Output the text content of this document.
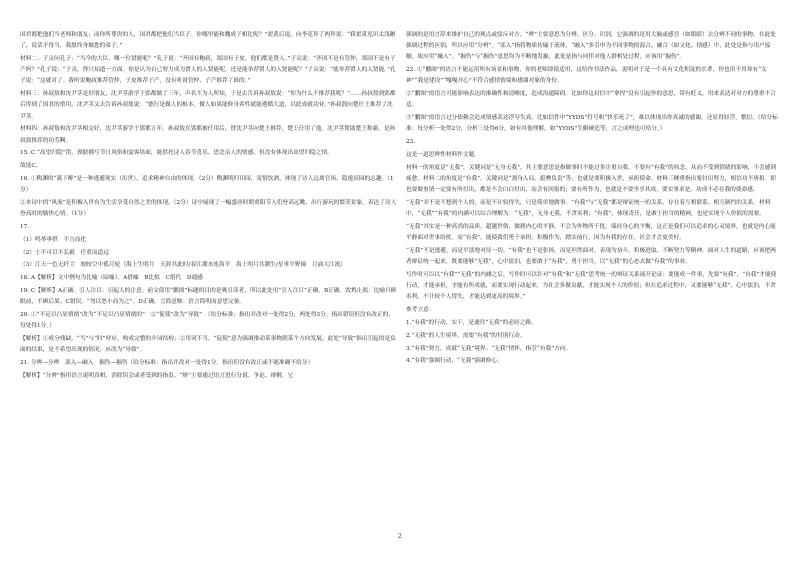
国君都把他们当老师和朋友；而你所尊贵的人，国君都把他们当臣子。你哪里能和魏成子相比呢？”翟黄后退，向李克拜了两拜说：“我翟黄见识太浅陋了，说话不得当，我愿终身做您的弟子。”

材料二：子贡问孔子：“当今的大臣，哪一位贤能呢？”孔子说：“齐国有鲍叔，郑国有子皮，他们都是贤人。”子贡说：“齐国不是有管仲，郑国不是有子产吗？”孔子说：“子贡，你只知道一方面。你是认为自己努力成为贤人的人贤能呢，还是能举荐贤人的人贤能呢？”子贡说：“能举荐贤人的人贤能。”孔子说：“这就对了。我听说鲍叔推荐管仲，子皮推荐子产，没有听说管仲、子产推荐了谁的。”

材料三：孙叔敖和沈尹茎是好朋友，沈尹茎游学于郢都做了三年，声名不为人所知，于是去告诉孙叔敖说：“你为什么不推荐我呢？”……孙叔敖到郢都后得到了国君的重用，沈尹茎又去告诉孙叔敖说：“德行是做人的根本，做人如果能修身养性就能遵循大道，以此成就功业。”孙叔敖向楚庄王推荐了沈尹茎。

材料四：孙叔敖和沈尹茎相交好，沈尹茎游学于郢都五年。孙叔敖在郢都被任用后，替沈尹茎向楚王推荐，楚王任用了他。沈尹茎帮助楚王称霸，是孙叔敖推荐的功劳啊。

15. C “高望归隐”错，颈联描写节日风俗和宴客场面，能供托诗人春节喜乐、思念亲人的情感，但没有体现出高望归隐之情。

故选C。

16. ①陶渊的“篱下醉”是一种逃避现实（出世）、追求精神自由的体现。（2分）陶渊明归田园，寄情饮酒，体现了诗人远离官场、隐逸田园的志趣。（1分）

②本诗中的“风流”是积极入世有为生活享受自然之美的体现。（2分）诗中展现了一幅盛唐时期重阳节人们登高远眺、出行游玩的繁荣景象，表达了诗人登高时的愉快心情。（1分）

17.

（1）鸣琴垂拱　不言而化

（2）士不可以不弘毅　任重而道远

（3）江天一色无纤尘　皎皎空中孤月轮（海上生明月　天涯共此时/春江潮水连海平　海上明月共潮生/星垂平野阔　月涌大江流）

18. A【解析】文中例句为比喻（暗喻）。A借喻　B比拟　C借代　D通感

19. C【解析】A正确。引人注目：引起人的注意。前文使用“鹏图”标题的目的是吸引读者，所以此处用“引人注目”正确。B正确。饮鸩止渴：比喻只顾眼前，不顾后果。C错误。“勿以恶小而为之”。D正确。言简意赅：语言简明而意思完备。

20. ①“不足以凸显情绪”改为“不足以凸显情绪的”　②“促使”改为“导致”　（给分标准：指出并改对一处得2分，两处得3分。指出错误但没有改正的，每处得1分。）

【解析】①成分残缺，“当”与“时”呼应，构成完整的介词结构；②用词不当，“促使”意为强调推动某事物朝某个方向发展，此处“导致”指出引起的是负面的结果，是不希望出现的情况，应改为“导致”。

21. 分辨—分辨　部入—融入　掘伤—掘伤（给分标准：指出并改对一处得1分，指出但没有改正或不能准确不给分）

【解析】“分辨”指用语言说明真相，消除误会或者受到的指责。“辩”主要通过语言进行分说、争论、辩解，它

强调的是用言辞来维护自己的观点或驳斥对方。“辨”主要意思为分辨、区分、识别，它强调的是用大脑或感官（如眼睛）去分辨不同的事物。在此处强调过程的区别，所以应用“分辨”。“部入”指将物质传输于液体，“融入”多引申为不同事物的混合，融合（如文化、情感）中，此处是指与用户接触，故应用“融入”。“掘伤”与“掘伤”意思均为不断地发掘，此处是指与同伴对他人群相处过程，应该用“掘伤”。

22. ①“鹏图”的语言不能运用所有场景和事物，你的老师即使适用，这给你书法作品，说明对于是一个具有文化积淀的长辈，你也用不用却有“女神”“我是建设”“嘎嘎开心”不符合感情情境和感谢对象的身份。

②“鹏图”的语言可能影响表达的准确性和清晰度，造成沟通障碍。比如你这封信中“拿捏”没有引起你的意思，带有贬义，用来表达对对方的尊重不合适。

③“鹏图”的语言过分依赖会造成情感表达浮夸失真。比如信件中“YYDS”符号和“快乐死了”，难以体现出你真诚的感谢，还显得轻浮，敷衍。（给分标准：每分析一处得2分，分析三处得6分。如有其他理解，如“YYDS”生僻硬造等，言之成理也可给分。）

23.

这是一道思辨性材料作文题。

材料一的角度是“无我”，关键词是“无身无我”，其主要意思是指做事时不能过多注重自我，不要有“有我”的执念，从而不受到情绪的影响，不会感到疲惫。材料二的角度是“有我”，关键词是“割身入局，挺膺负责”等，也就是要积极入世，承担使命。材料三侧重指出要付出努力，相信功不唐捐：即也要做事情一定要有所付出，都是不会白白付出，而会有回报的；要有所作为，也就是不要坐享其成，要实事求是，功成不必在我的使命感。

“无我”并不是不想到个人的，而是不计较得失，只是简单地做事。“有我”与“无我”都是辩证统一的关系，存在着互相联系、相互制约的关系。材料中，“无我”“有我”的内涵可以综合理解为：“无我”，无身无我，不贪名利；“有我”，体现责任，是敢于担当的精神，也是实现个人价值的需要。

“无我”其实是一种高尚的品质，超越世俗，做到内心的平静，不会为外物所干扰，保持身心的平衡，这正是我们可以追求的心灵境界，也就是内心能平静面对世事纷扰。而“有我”，能使我们勇于承担，积极作为，踏实前行，因为有我的存在，社会才会更美好。

“无我”不是逃避，而是平淡地对待一切。“有我”也不是张扬，而是坦然面对，表现为奋斗，积极进取、不断努力等精神。面对人生的道路，应该把两者辩证统一起来，既要能够“无我”，心中淡泊，也要敢于“有我”，勇于担当，以“无我”的心态去做“有我”的事业。

写作时可以以“有我”“无我”的内涵之后，写作时可以针对“有我”和“无我”思考统一的辩证关系展开论证：要能成一件事，先要“有我”，“有我”才能使行动，才能承担，才能有所成就，而要实现行动起来，为社会多做贡献，才能实现个人的价值；但在追求过程中，又要能够“无我”，心中淡泊，不贪名利，不计较个人得失，才能达到更高的境界。”

参考立意：

1.“有我”的行动，实干，是通往“无我”的必经之路。

2.“无我”的人生境界，需要“有我”的付诸行动。

3.“有我”努力，成就“无我”境界；“无我”情怀，指引“有我”方向。

4.“有我”强调行动，“无我”强调修心。

2
